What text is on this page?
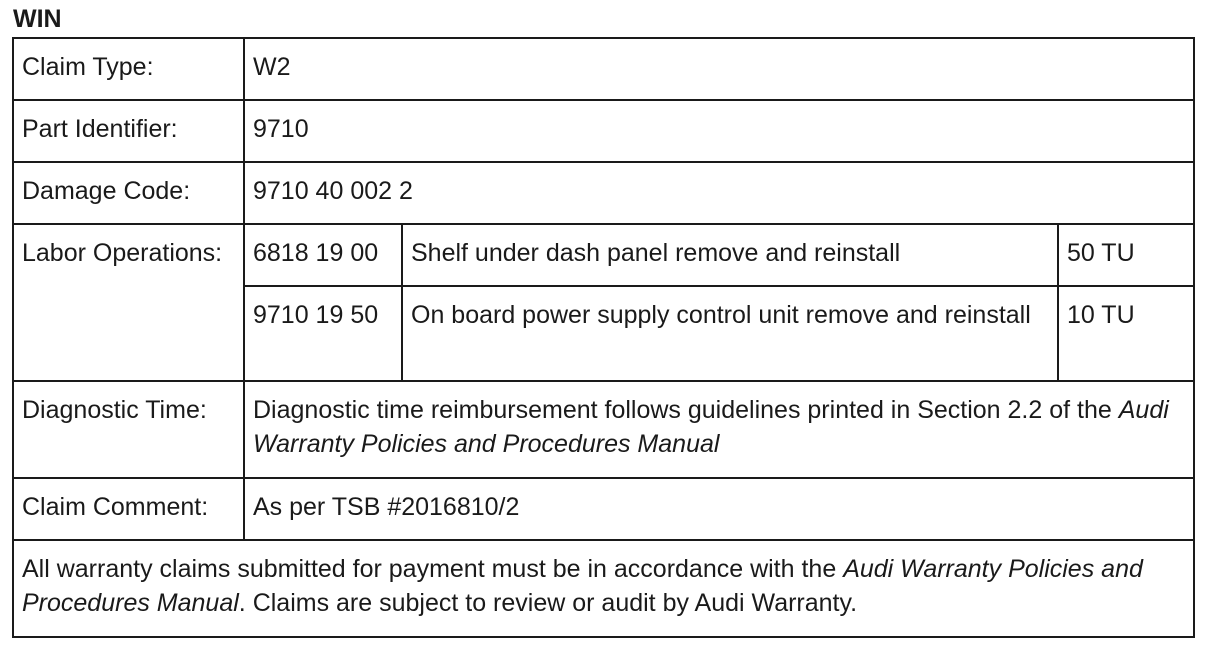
WIN
Claim Type:	W2		
Part Identifier:	9710		
Damage Code:	9710 40 002 2		
Labor Operations:	6818 19 00	Shelf under dash panel remove and reinstall	50 TU
	9710 19 50	On board power supply control unit remove and reinstall	10 TU
Diagnostic Time:	Diagnostic time reimbursement follows guidelines printed in Section 2.2 of the Audi Warranty Policies and Procedures Manual		
Claim Comment:	As per TSB #2016810/2		
All warranty claims submitted for payment must be in accordance with the Audi Warranty Policies and Procedures Manual. Claims are subject to review or audit by Audi Warranty.			
